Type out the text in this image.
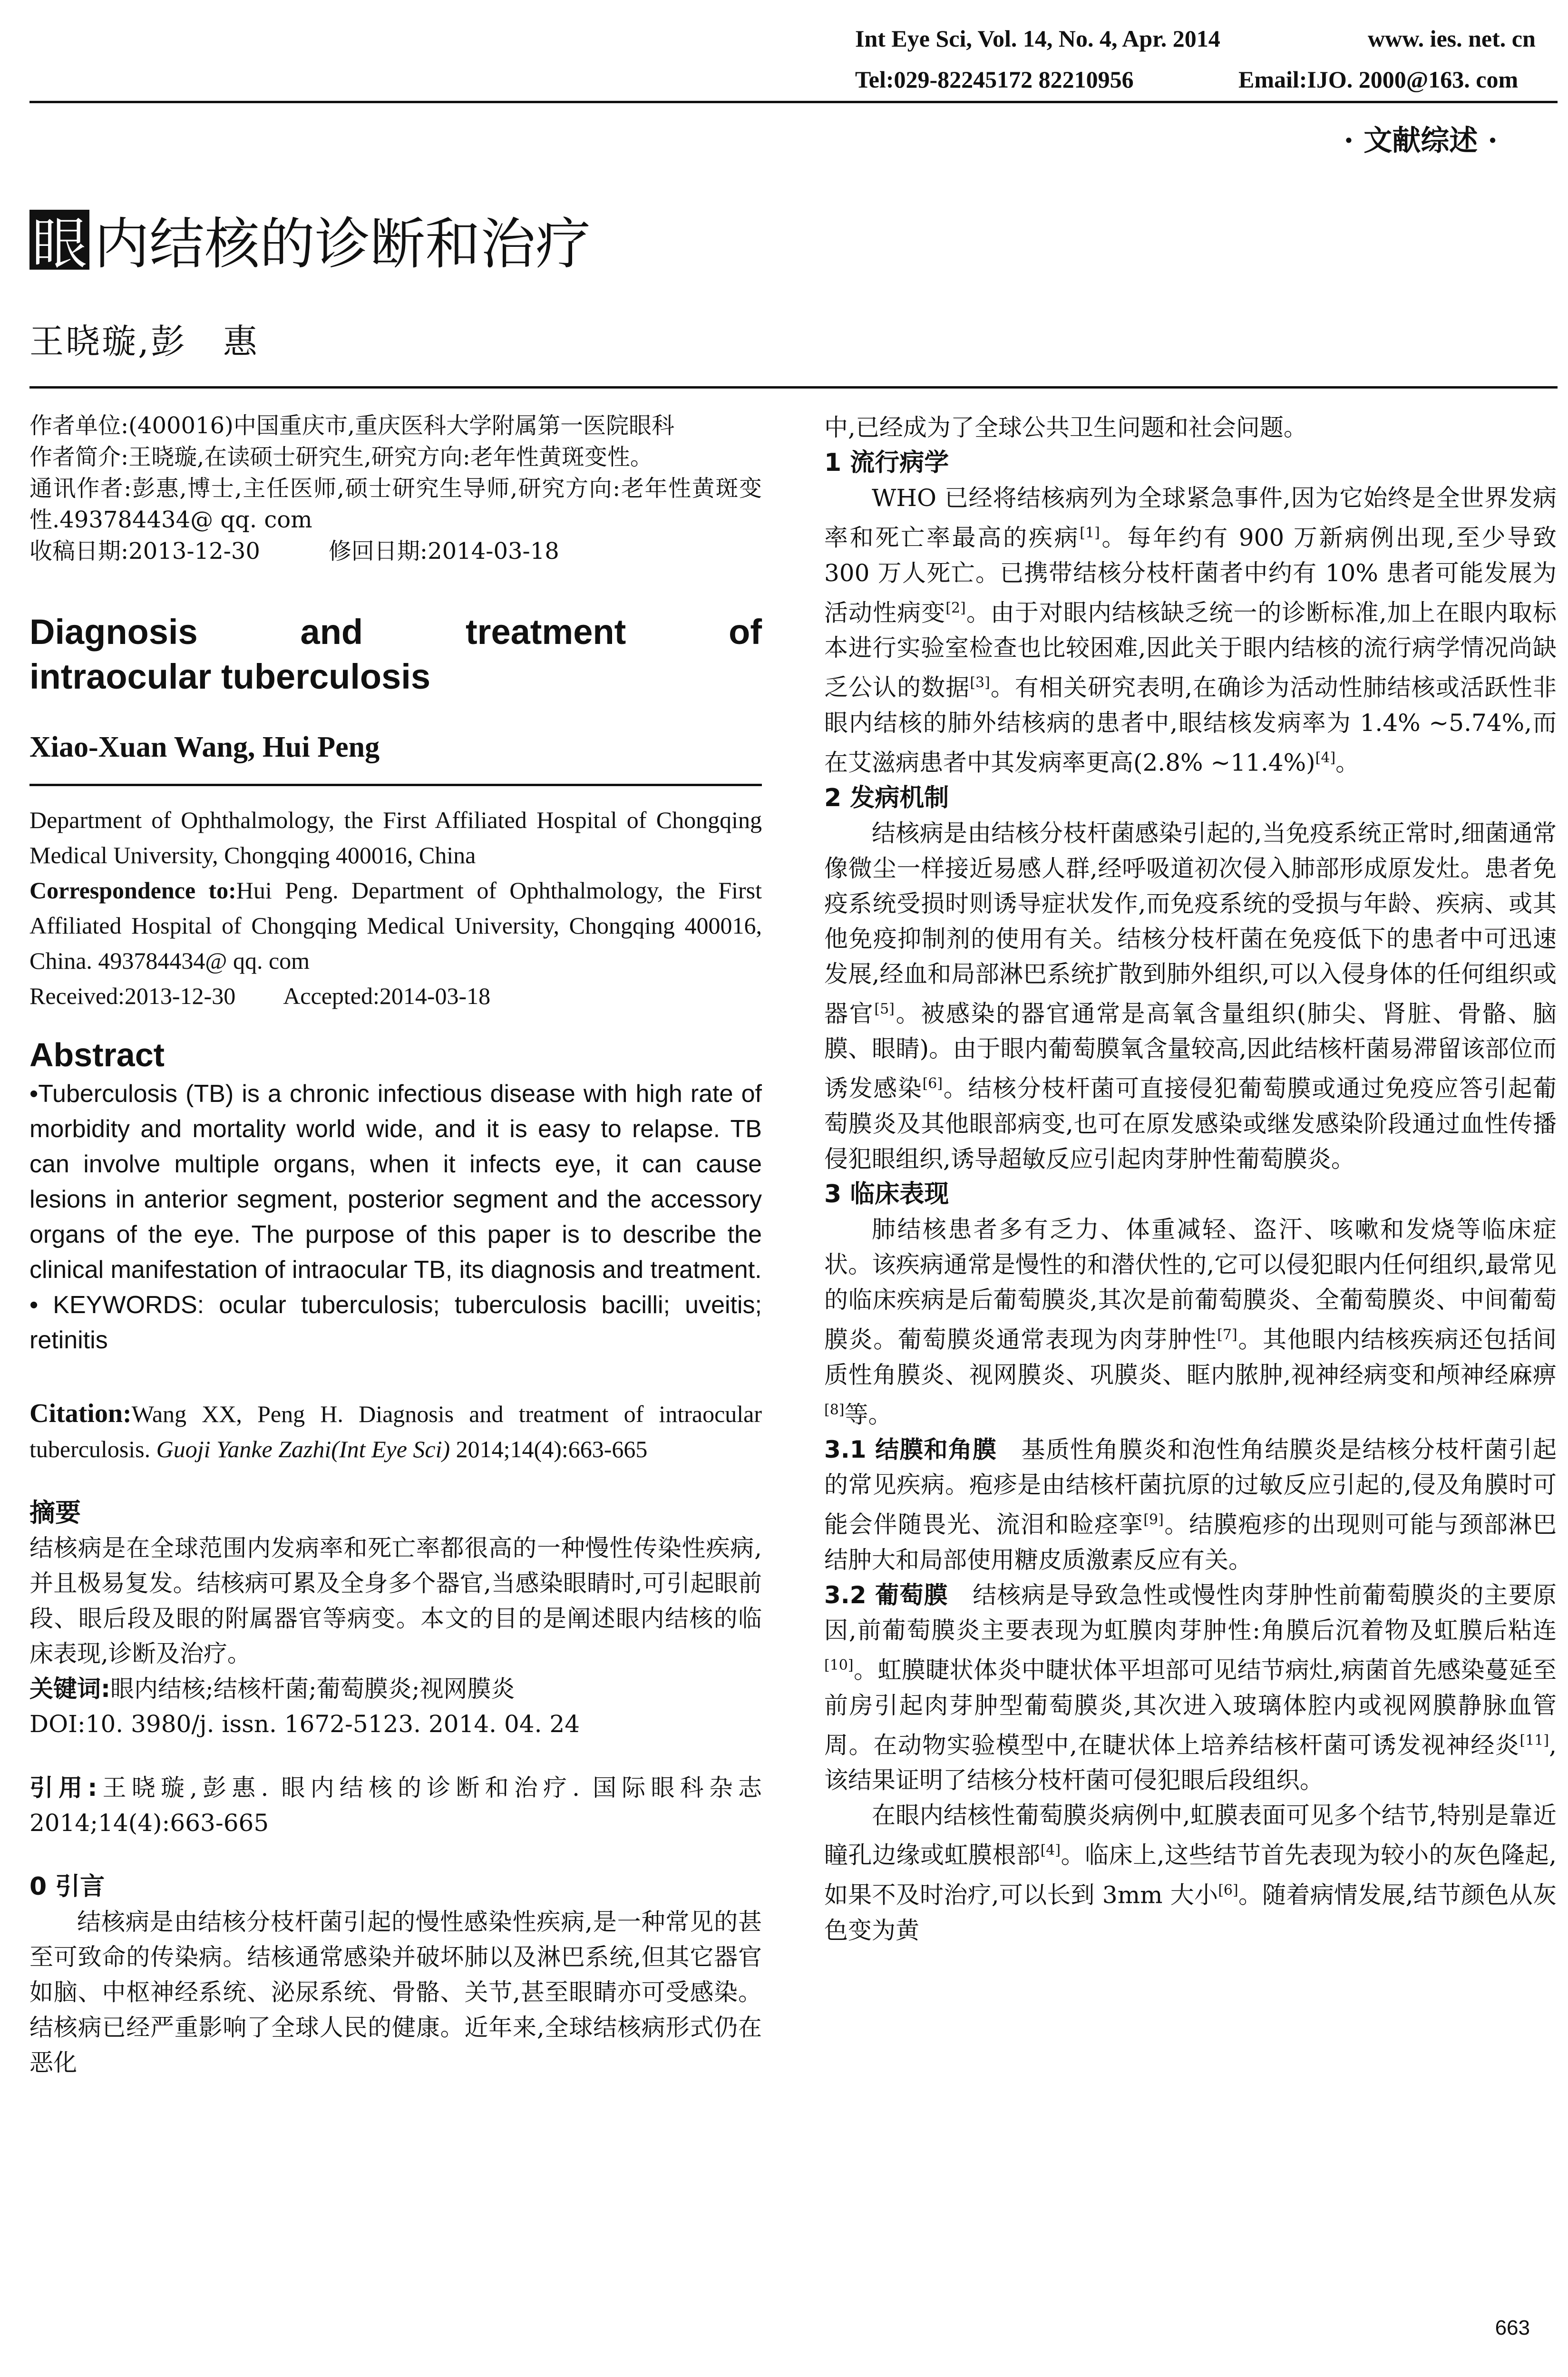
Int Eye Sci, Vol. 14, No. 4, Apr. 2014	www. ies. net. cn
Tel:029-82245172 82210956	Email:IJO. 2000@163. com
· 文献综述 ·
眼 内结核的诊断和治疗
王晓璇,彭　惠

作者单位:(400016)中国重庆市,重庆医科大学附属第一医院眼科

作者简介:王晓璇,在读硕士研究生,研究方向:老年性黄斑变性。

通讯作者:彭惠,博士,主任医师,硕士研究生导师,研究方向:老年性黄斑变性.493784434@ qq. com

收稿日期:2013-12-30　　　修回日期:2014-03-18

Diagnosis	and	treatment	of
intraocular tuberculosis

Xiao-Xuan Wang, Hui Peng

Department of Ophthalmology, the First Affiliated Hospital of Chongqing Medical University, Chongqing 400016, China

Correspondence to:Hui Peng. Department of Ophthalmology, the First Affiliated Hospital of Chongqing Medical University, Chongqing 400016, China. 493784434@ qq. com

Received:2013-12-30　　Accepted:2014-03-18

Abstract

•Tuberculosis (TB) is a chronic infectious disease with high rate of morbidity and mortality world wide, and it is easy to relapse. TB can involve multiple organs, when it infects eye, it can cause lesions in anterior segment, posterior segment and the accessory organs of the eye. The purpose of this paper is to describe the clinical manifestation of intraocular TB, its diagnosis and treatment.

• KEYWORDS: ocular tuberculosis; tuberculosis bacilli; uveitis; retinitis

Citation:Wang XX, Peng H. Diagnosis and treatment of intraocular tuberculosis. Guoji Yanke Zazhi(Int Eye Sci) 2014;14(4):663-665

摘要

结核病是在全球范围内发病率和死亡率都很高的一种慢性传染性疾病,并且极易复发。结核病可累及全身多个器官,当感染眼睛时,可引起眼前段、眼后段及眼的附属器官等病变。本文的目的是阐述眼内结核的临床表现,诊断及治疗。

关键词:眼内结核;结核杆菌;葡萄膜炎;视网膜炎

DOI:10. 3980/j. issn. 1672-5123. 2014. 04. 24

引用:王晓璇,彭惠. 眼内结核的诊断和治疗. 国际眼科杂志 2014;14(4):663-665

0 引言

结核病是由结核分枝杆菌引起的慢性感染性疾病,是一种常见的甚至可致命的传染病。结核通常感染并破坏肺以及淋巴系统,但其它器官如脑、中枢神经系统、泌尿系统、骨骼、关节,甚至眼睛亦可受感染。结核病已经严重影响了全球人民的健康。近年来,全球结核病形式仍在恶化

中,已经成为了全球公共卫生问题和社会问题。

1 流行病学

WHO 已经将结核病列为全球紧急事件,因为它始终是全世界发病率和死亡率最高的疾病[1]。每年约有 900 万新病例出现,至少导致 300 万人死亡。已携带结核分枝杆菌者中约有 10% 患者可能发展为活动性病变[2]。由于对眼内结核缺乏统一的诊断标准,加上在眼内取标本进行实验室检查也比较困难,因此关于眼内结核的流行病学情况尚缺乏公认的数据[3]。有相关研究表明,在确诊为活动性肺结核或活跃性非眼内结核的肺外结核病的患者中,眼结核发病率为 1.4% ~5.74%,而在艾滋病患者中其发病率更高(2.8% ~11.4%)[4]。

2 发病机制

结核病是由结核分枝杆菌感染引起的,当免疫系统正常时,细菌通常像微尘一样接近易感人群,经呼吸道初次侵入肺部形成原发灶。患者免疫系统受损时则诱导症状发作,而免疫系统的受损与年龄、疾病、或其他免疫抑制剂的使用有关。结核分枝杆菌在免疫低下的患者中可迅速发展,经血和局部淋巴系统扩散到肺外组织,可以入侵身体的任何组织或器官[5]。被感染的器官通常是高氧含量组织(肺尖、肾脏、骨骼、脑膜、眼睛)。由于眼内葡萄膜氧含量较高,因此结核杆菌易滞留该部位而诱发感染[6]。结核分枝杆菌可直接侵犯葡萄膜或通过免疫应答引起葡萄膜炎及其他眼部病变,也可在原发感染或继发感染阶段通过血性传播侵犯眼组织,诱导超敏反应引起肉芽肿性葡萄膜炎。

3 临床表现

肺结核患者多有乏力、体重减轻、盗汗、咳嗽和发烧等临床症状。该疾病通常是慢性的和潜伏性的,它可以侵犯眼内任何组织,最常见的临床疾病是后葡萄膜炎,其次是前葡萄膜炎、全葡萄膜炎、中间葡萄膜炎。葡萄膜炎通常表现为肉芽肿性[7]。其他眼内结核疾病还包括间质性角膜炎、视网膜炎、巩膜炎、眶内脓肿,视神经病变和颅神经麻痹[8]等。

3.1 结膜和角膜　 基质性角膜炎和泡性角结膜炎是结核分枝杆菌引起的常见疾病。疱疹是由结核杆菌抗原的过敏反应引起的,侵及角膜时可能会伴随畏光、流泪和睑痉挛[9]。结膜疱疹的出现则可能与颈部淋巴结肿大和局部使用糖皮质激素反应有关。

3.2 葡萄膜　 结核病是导致急性或慢性肉芽肿性前葡萄膜炎的主要原因,前葡萄膜炎主要表现为虹膜肉芽肿性:角膜后沉着物及虹膜后粘连[10]。虹膜睫状体炎中睫状体平坦部可见结节病灶,病菌首先感染蔓延至前房引起肉芽肿型葡萄膜炎,其次进入玻璃体腔内或视网膜静脉血管周。在动物实验模型中,在睫状体上培养结核杆菌可诱发视神经炎[11],该结果证明了结核分枝杆菌可侵犯眼后段组织。

在眼内结核性葡萄膜炎病例中,虹膜表面可见多个结节,特别是靠近瞳孔边缘或虹膜根部[4]。临床上,这些结节首先表现为较小的灰色隆起,如果不及时治疗,可以长到 3mm 大小[6]。随着病情发展,结节颜色从灰色变为黄

663
